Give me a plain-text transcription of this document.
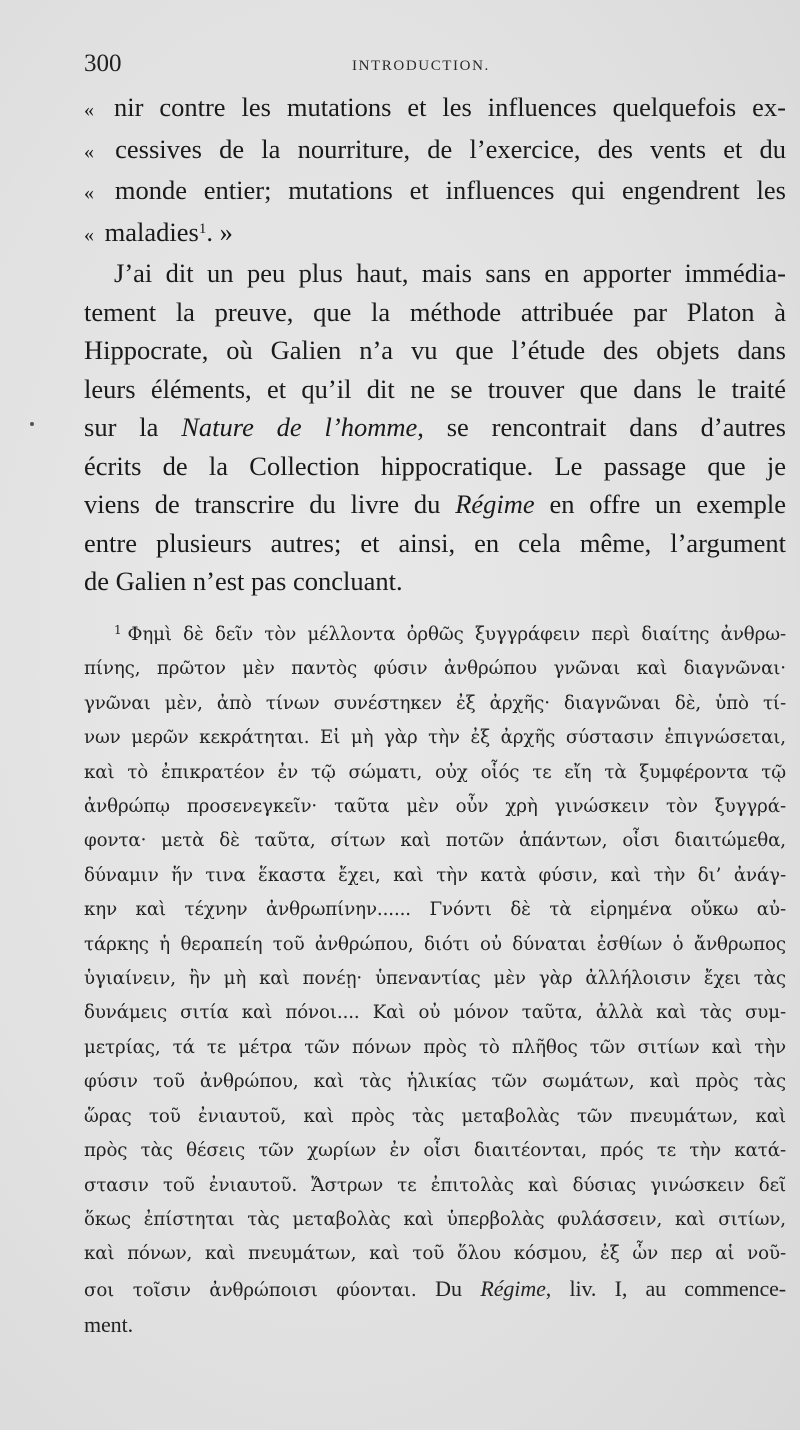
300	INTRODUCTION.
« nir contre les mutations et les influences quelquefois ex-
« cessives de la nourriture, de l’exercice, des vents et du
« monde entier; mutations et influences qui engendrent les
« maladies$^1$. »
J’ai dit un peu plus haut, mais sans en apporter immédia-
tement la preuve, que la méthode attribuée par Platon à
Hippocrate, où Galien n’a vu que l’étude des objets dans
leurs éléments, et qu’il dit ne se trouver que dans le traité
sur la Nature de l’homme, se rencontrait dans d’autres
écrits de la Collection hippocratique. Le passage que je
viens de transcrire du livre du Régime en offre un exemple
entre plusieurs autres; et ainsi, en cela même, l’argument
de Galien n’est pas concluant.
$^1$ Φημὶ δὲ δεῖν τὸν μέλλοντα ὀρθῶς ξυγγράφειν περὶ διαίτης ἀνθρω-
πίνης, πρῶτον μὲν παντὸς φύσιν ἀνθρώπου γνῶναι καὶ διαγνῶναι·
γνῶναι μὲν, ἀπὸ τίνων συνέστηκεν ἐξ ἀρχῆς· διαγνῶναι δὲ, ὑπὸ τί-
νων μερῶν κεκράτηται. Εἰ μὴ γὰρ τὴν ἐξ ἀρχῆς σύστασιν ἐπιγνώσεται,
καὶ τὸ ἐπικρατέον ἐν τῷ σώματι, οὐχ οἷός τε εἴη τὰ ξυμφέροντα τῷ
ἀνθρώπῳ προσενεγκεῖν· ταῦτα μὲν οὖν χρὴ γινώσκειν τὸν ξυγγρά-
φοντα· μετὰ δὲ ταῦτα, σίτων καὶ ποτῶν ἁπάντων, οἷσι διαιτώμεθα,
δύναμιν ἥν τινα ἕκαστα ἔχει, καὶ τὴν κατὰ φύσιν, καὶ τὴν δι’ ἀνάγ-
κην καὶ τέχνην ἀνθρωπίνην...... Γνόντι δὲ τὰ εἰρημένα οὔκω αὐ-
τάρκης ἡ θεραπείη τοῦ ἀνθρώπου, διότι οὐ δύναται ἐσθίων ὁ ἄνθρωπος
ὑγιαίνειν, ἢν μὴ καὶ πονέῃ· ὑπεναντίας μὲν γὰρ ἀλλήλοισιν ἔχει τὰς
δυνάμεις σιτία καὶ πόνοι.... Καὶ οὐ μόνον ταῦτα, ἀλλὰ καὶ τὰς συμ-
μετρίας, τά τε μέτρα τῶν πόνων πρὸς τὸ πλῆθος τῶν σιτίων καὶ τὴν
φύσιν τοῦ ἀνθρώπου, καὶ τὰς ἡλικίας τῶν σωμάτων, καὶ πρὸς τὰς
ὥρας τοῦ ἐνιαυτοῦ, καὶ πρὸς τὰς μεταβολὰς τῶν πνευμάτων, καὶ
πρὸς τὰς θέσεις τῶν χωρίων ἐν οἷσι διαιτέονται, πρός τε τὴν κατά-
στασιν τοῦ ἐνιαυτοῦ. Ἄστρων τε ἐπιτολὰς καὶ δύσιας γινώσκειν δεῖ
ὅκως ἐπίστηται τὰς μεταβολὰς καὶ ὑπερβολὰς φυλάσσειν, καὶ σιτίων,
καὶ πόνων, καὶ πνευμάτων, καὶ τοῦ ὅλου κόσμου, ἐξ ὧν περ αἱ νοῦ-
σοι τοῖσιν ἀνθρώποισι φύονται. Du Régime, liv. I, au commence-
ment.
